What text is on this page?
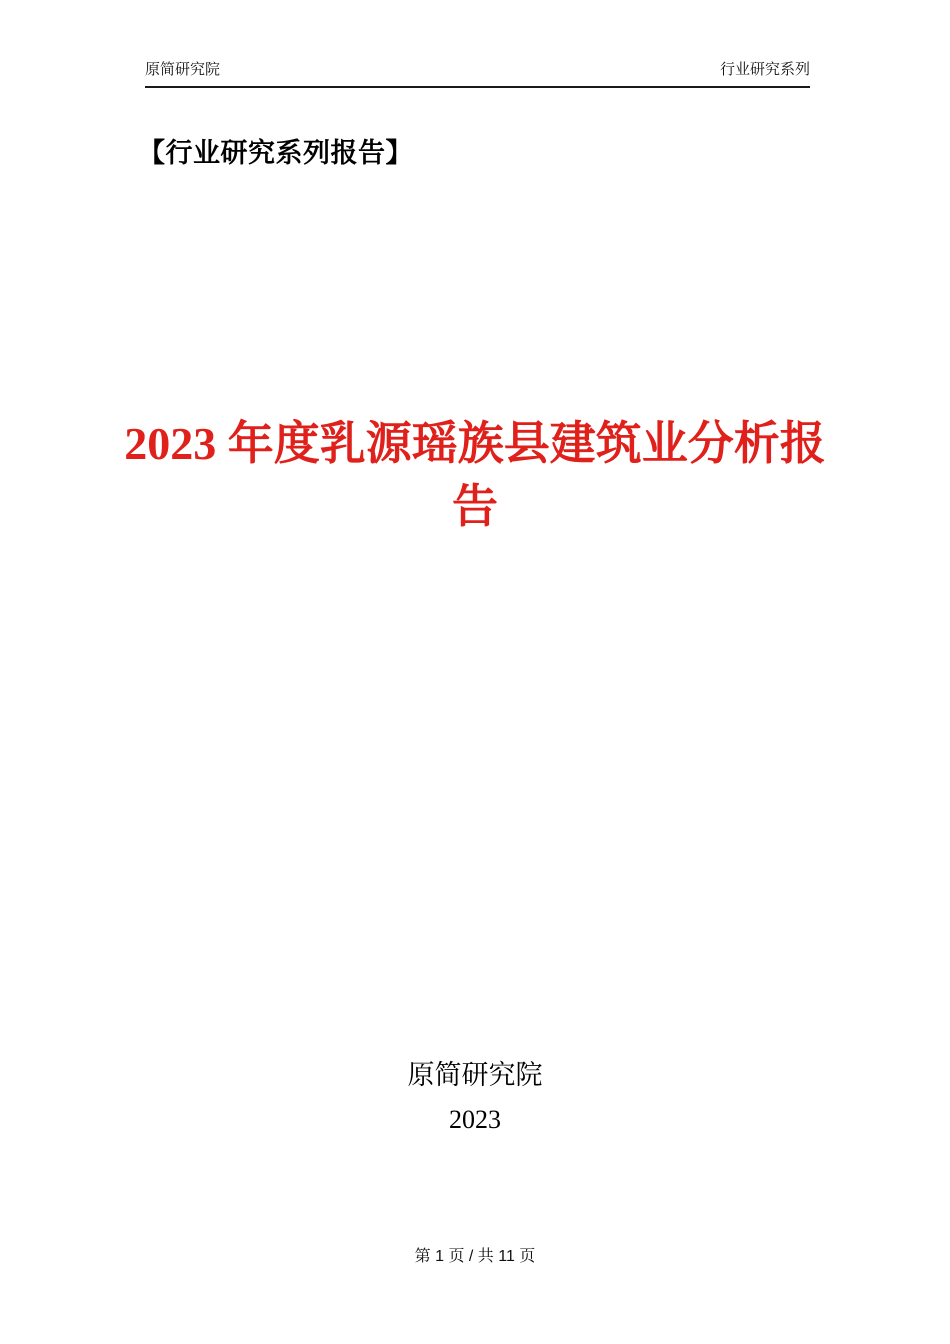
原简研究院	行业研究系列
【行业研究系列报告】
2023 年度乳源瑶族县建筑业分析报
告
原简研究院
2023
第 1 页 / 共 11 页
